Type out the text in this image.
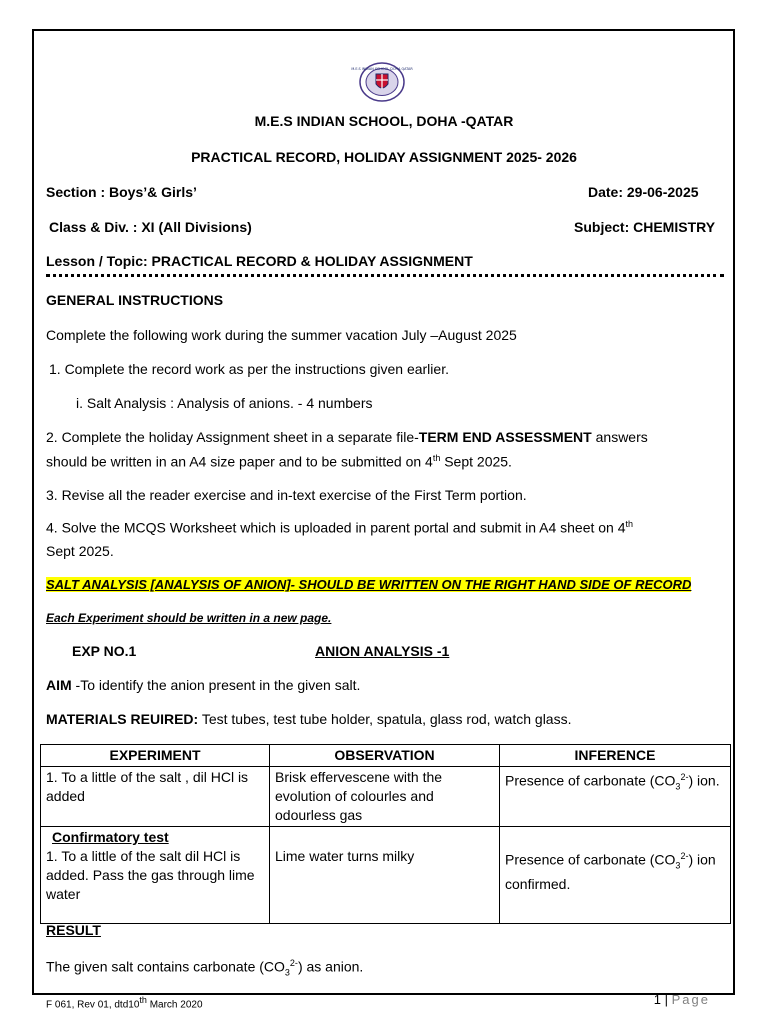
M.E.S INDIAN SCHOOL DOHA QATAR
M.E.S INDIAN SCHOOL, DOHA -QATAR
PRACTICAL RECORD, HOLIDAY ASSIGNMENT 2025- 2026
Section : Boys’& Girls’	Date: 29-06-2025
Class & Div. : XI (All Divisions)	Subject: CHEMISTRY
Lesson / Topic: PRACTICAL RECORD & HOLIDAY ASSIGNMENT
GENERAL INSTRUCTIONS
Complete the following work during the summer vacation July –August 2025
1. Complete the record work as per the instructions given earlier.
i. Salt Analysis : Analysis of anions. - 4 numbers
2. Complete the holiday Assignment sheet in a separate file-TERM END ASSESSMENT answers
should be written in an A4 size paper and to be submitted on 4th Sept 2025.
3. Revise all the reader exercise and in-text exercise of the First Term portion.
4. Solve the MCQS Worksheet which is uploaded in parent portal and submit in A4 sheet on 4th
Sept 2025.
SALT ANALYSIS [ANALYSIS OF ANION]- SHOULD BE WRITTEN ON THE RIGHT HAND SIDE OF RECORD
Each Experiment should be written in a new page.
EXP NO.1	ANION ANALYSIS -1
AIM -To identify the anion present in the given salt.
MATERIALS REUIRED: Test tubes, test tube holder, spatula, glass rod, watch glass.
EXPERIMENT	OBSERVATION	INFERENCE
1. To a little of the salt , dil HCl is added	Brisk effervescene with the evolution of colourles and odourless gas	Presence of carbonate $(CO_3^{2-})$ ion.

Confirmatory test
1. To a little of the salt dil HCl is added. Pass the gas through lime water	Lime water turns milky	Presence of carbonate $(CO_3^{2-})$ ion confirmed.
RESULT
The given salt contains carbonate $(CO_3^{2-})$ as anion.
F 061, Rev 01, dtd10th March 2020	1 | Page
